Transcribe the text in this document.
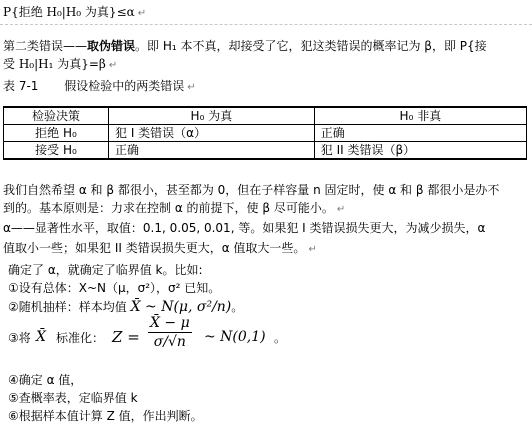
P{拒绝 H₀|H₀ 为真}≤α ↵
第二类错误——取伪错误。即 H₁ 本不真，却接受了它，犯这类错误的概率记为 β，即 P{接
受 H₀|H₁ 为真}=β ↵
表 7-1 假设检验中的两类错误 ↵
检验决策	H₀ 为真	H₀ 非真
拒绝 H₀	犯 I 类错误（α）	正确
接受 H₀	正确	犯 II 类错误（β）
我们自然希望 α 和 β 都很小，甚至都为 0，但在子样容量 n 固定时，使 α 和 β 都很小是办不
到的。基本原则是：力求在控制 α 的前提下，使 β 尽可能小。 ↵
α——显著性水平，取值：0.1, 0.05, 0.01, 等。如果犯 I 类错误损失更大，为减少损失，α
值取小一些；如果犯 II 类错误损失更大，α 值取大一些。 ↵
确定了 α，就确定了临界值 k。比如:
①设有总体：X~N（μ，σ²），σ² 已知。
②随机抽样：样本均值 X̄ ~ N(μ, σ²/n)。
③将 X̄ 标准化： $Z = \frac{X̄ - \mu}{\sigma/√n}$ ~ N(0,1) 。
④确定 α 值，
⑤查概率表，定临界值 k
⑥根据样本值计算 Z 值，作出判断。
